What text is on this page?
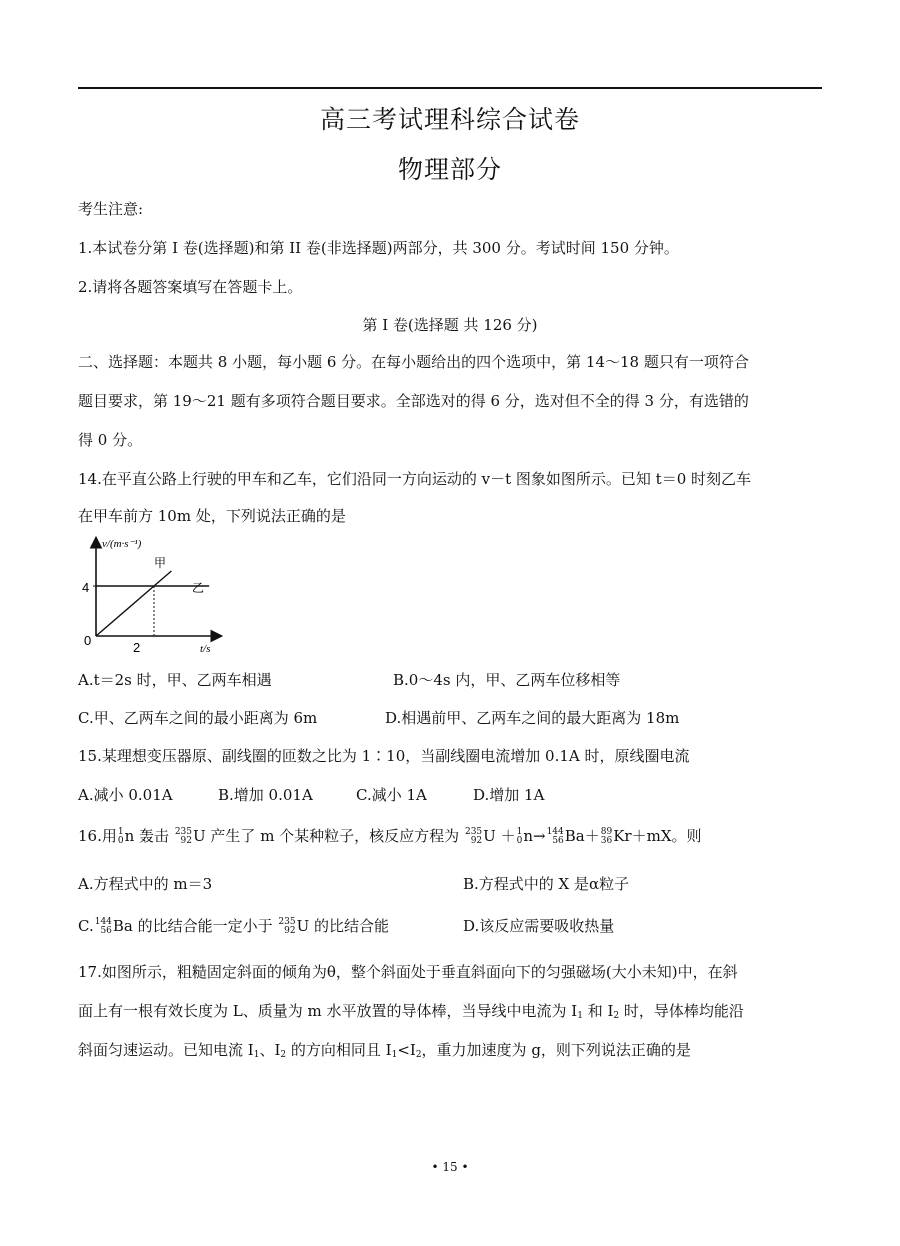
高三考试理科综合试卷
物理部分
考生注意:
1.本试卷分第 I 卷(选择题)和第 II 卷(非选择题)两部分，共 300 分。考试时间 150 分钟。
2.请将各题答案填写在答题卡上。
第 I 卷(选择题 共 126 分)
二、选择题：本题共 8 小题，每小题 6 分。在每小题给出的四个选项中，第 14～18 题只有一项符合
题目要求，第 19～21 题有多项符合题目要求。全部选对的得 6 分，选对但不全的得 3 分，有选错的
得 0 分。
14.在平直公路上行驶的甲车和乙车，它们沿同一方向运动的 v－t 图象如图所示。已知 t＝0 时刻乙车
在甲车前方 10m 处，下列说法正确的是
v/(m·s⁻¹)
t/s
0
4
2
甲
乙
A.t＝2s 时，甲、乙两车相遇	B.0～4s 内，甲、乙两车位移相等
C.甲、乙两车之间的最小距离为 6m	D.相遇前甲、乙两车之间的最大距离为 18m
15.某理想变压器原、副线圈的匝数之比为 1∶10，当副线圈电流增加 0.1A 时，原线圈电流
A.减小 0.01A	B.增加 0.01A	C.减小 1A	D.增加 1A
16.用 1
0 n 轰击 235
92 U 产生了 m 个某种粒子，核反应方程为 235
92 U ＋ 1
0 n→ 144
56 Ba＋ 89
36 Kr＋mX。则
A.方程式中的 m＝3	B.方程式中的 X 是α粒子
C. 144
56 Ba 的比结合能一定小于 235
92 U 的比结合能	D.该反应需要吸收热量
17.如图所示，粗糙固定斜面的倾角为θ，整个斜面处于垂直斜面向下的匀强磁场(大小未知)中，在斜
面上有一根有效长度为 L、质量为 m 水平放置的导体棒，当导线中电流为 $I_1$ 和 $I_2$ 时，导体棒均能沿
斜面匀速运动。已知电流 $I_1$、$I_2$ 的方向相同且 $I_1<I_2$，重力加速度为 g，则下列说法正确的是
• 15 •
